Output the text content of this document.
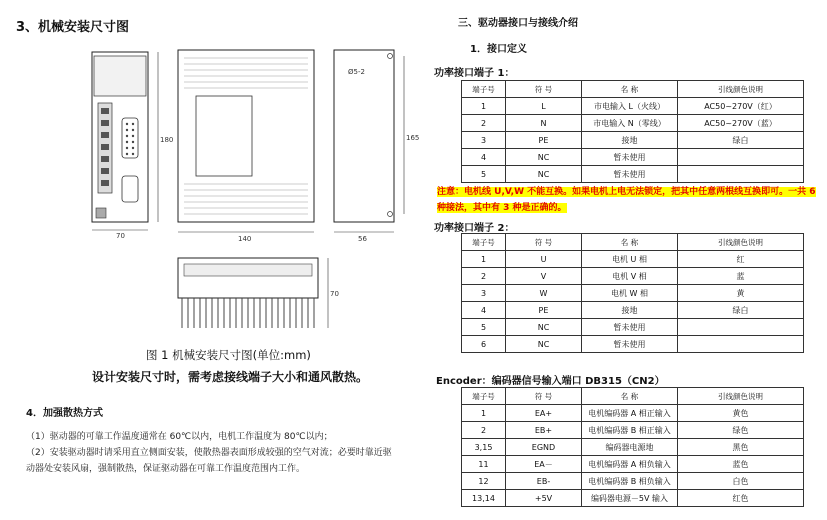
3、机械安装尺寸图
70
180
140
Ø5-2
165
56
70
图 1 机械安装尺寸图(单位:mm)
设计安装尺寸时，需考虑接线端子大小和通风散热。
4．加强散热方式
（1）驱动器的可靠工作温度通常在 60℃以内，电机工作温度为 80℃以内；
（2）安装驱动器时请采用直立侧面安装，使散热器表面形成较强的空气对流；必要时靠近驱动器处安装风扇，强制散热，保证驱动器在可靠工作温度范围内工作。
三、驱动器接口与接线介绍
1．接口定义
功率接口端子 1：
端子号	符 号	名 称	引线颜色说明
1	L	市电输入 L（火线）	AC50~270V（红）
2	N	市电输入 N（零线）	AC50~270V（蓝）
3	PE	接地	绿白
4	NC	暂未使用	
5	NC	暂未使用	
注意：电机线 U,V,W 不能互换。如果电机上电无法锁定，把其中任意两根线互换即可。一共 6 种接法，其中有 3 种是正确的。
功率接口端子 2：
端子号	符 号	名 称	引线颜色说明
1	U	电机 U 相	红
2	V	电机 V 相	蓝
3	W	电机 W 相	黄
4	PE	接地	绿白
5	NC	暂未使用	
6	NC	暂未使用	
Encoder：编码器信号输入端口 DB315（CN2）
端子号	符 号	名 称	引线颜色说明
1	EA+	电机编码器 A 相正输入	黄色
2	EB+	电机编码器 B 相正输入	绿色
3,15	EGND	编码器电源地	黑色
11	EA－	电机编码器 A 相负输入	蓝色
12	EB-	电机编码器 B 相负输入	白色
13,14	+5V	编码器电源－5V 输入	红色
